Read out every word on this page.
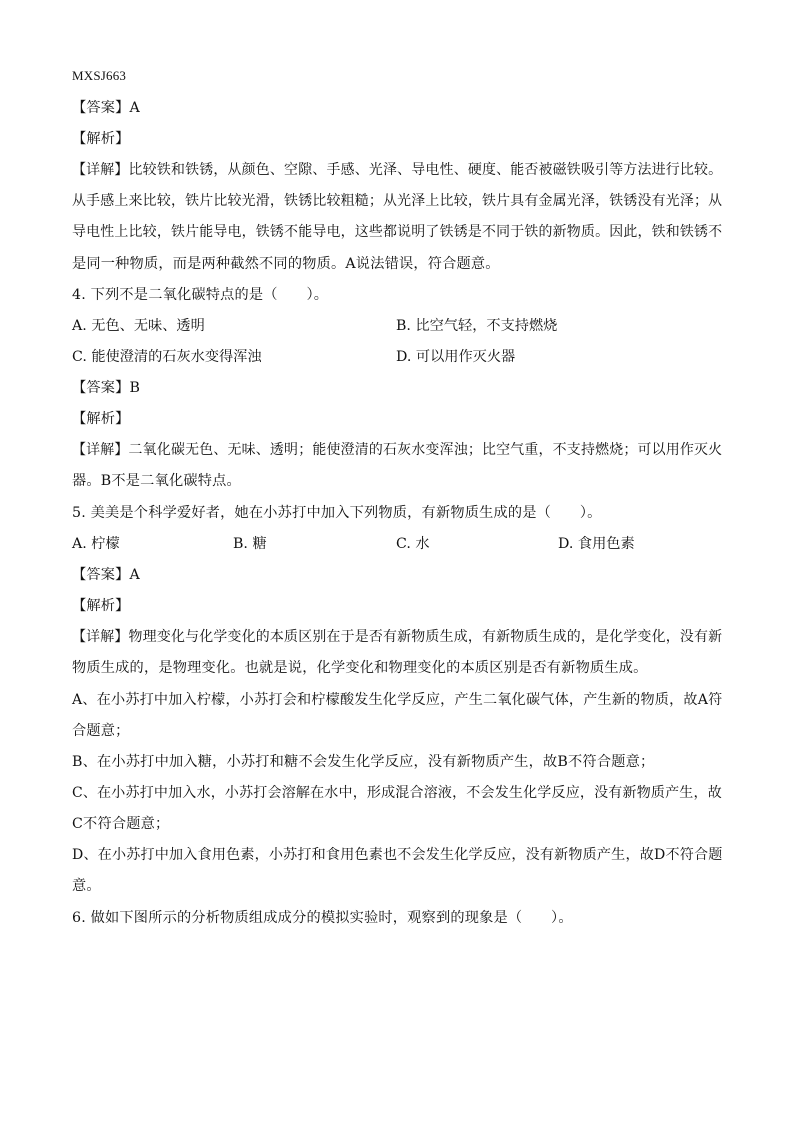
MXSJ663
【答案】A
【解析】
【详解】比较铁和铁锈，从颜色、空隙、手感、光泽、导电性、硬度、能否被磁铁吸引等方法进行比较。
从手感上来比较，铁片比较光滑，铁锈比较粗糙；从光泽上比较，铁片具有金属光泽，铁锈没有光泽；从
导电性上比较，铁片能导电，铁锈不能导电，这些都说明了铁锈是不同于铁的新物质。因此，铁和铁锈不
是同一种物质，而是两种截然不同的物质。A说法错误，符合题意。
4. 下列不是二氧化碳特点的是（　　）。
A. 无色、无味、透明	B. 比空气轻，不支持燃烧
C. 能使澄清的石灰水变得浑浊	D. 可以用作灭火器
【答案】B
【解析】
【详解】二氧化碳无色、无味、透明；能使澄清的石灰水变浑浊；比空气重，不支持燃烧；可以用作灭火
器。B不是二氧化碳特点。
5. 美美是个科学爱好者，她在小苏打中加入下列物质，有新物质生成的是（　　）。
A. 柠檬	B. 糖	C. 水	D. 食用色素
【答案】A
【解析】
【详解】物理变化与化学变化的本质区别在于是否有新物质生成，有新物质生成的，是化学变化，没有新
物质生成的，是物理变化。也就是说，化学变化和物理变化的本质区别是否有新物质生成。
A、在小苏打中加入柠檬，小苏打会和柠檬酸发生化学反应，产生二氧化碳气体，产生新的物质，故A符
合题意；
B、在小苏打中加入糖，小苏打和糖不会发生化学反应，没有新物质产生，故B不符合题意；
C、在小苏打中加入水，小苏打会溶解在水中，形成混合溶液，不会发生化学反应，没有新物质产生，故
C不符合题意；
D、在小苏打中加入食用色素，小苏打和食用色素也不会发生化学反应，没有新物质产生，故D不符合题
意。
6. 做如下图所示的分析物质组成成分的模拟实验时，观察到的现象是（　　）。
